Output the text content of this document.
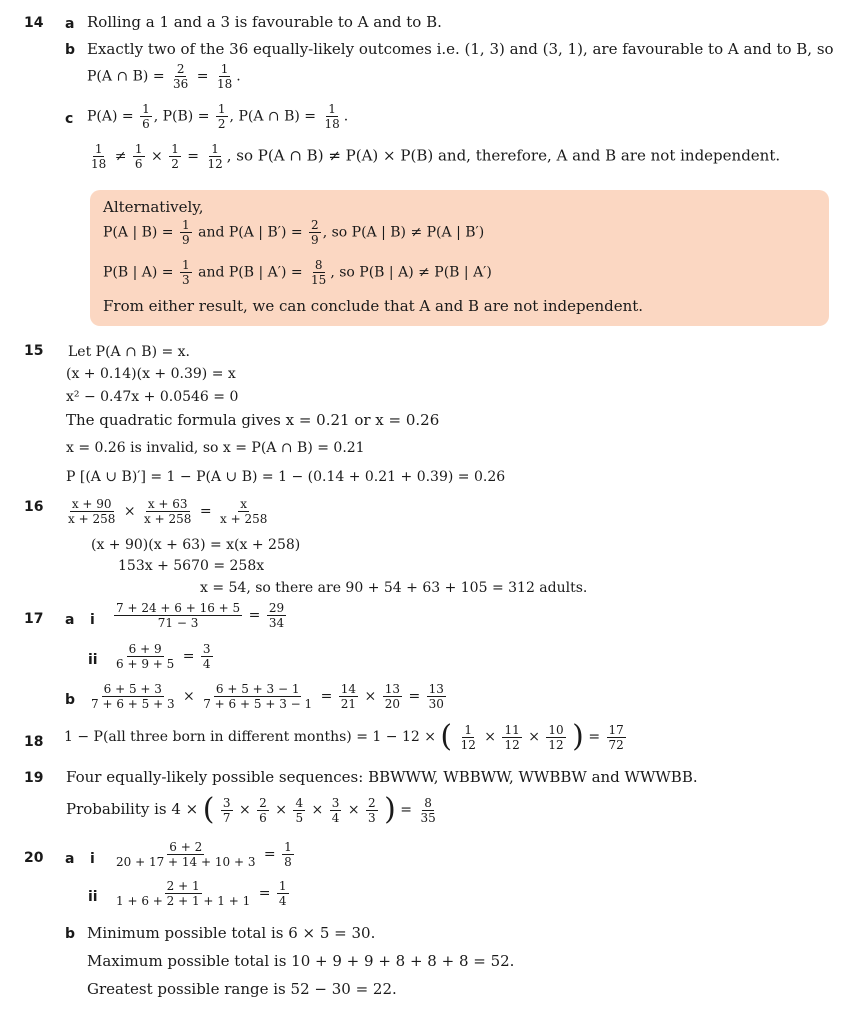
14 a Rolling a 1 and a 3 is favourable to A and to B.
b Exactly two of the 36 equally-likely outcomes i.e. (1, 3) and (3, 1), are favourable to A and to B, so
P(A ∩ $B) = \frac{2}{36} = \frac{1}{18}$ .
c $P(A) = \frac{1}{6}$ , $P(B) = \frac{1}{2}$ , P(A ∩ $B) = \frac{1}{18}$ .
$\frac{1}{18} \ne \frac{1}{6} \times \frac{1}{2} = \frac{1}{12}$ , so P(A ∩ B) ≠ P(A) × P(B) and, therefore, A and B are not independent.
Alternatively,
P(A | $B) = \frac{1}{9}$ and P(A | $B') = \frac{2}{9}$ , so P(A | B) ≠ P(A | B′)
P(B | $A) = \frac{1}{3}$ and P(B | $A') = \frac{8}{15}$ , so P(B | A) ≠ P(B | A′)
From either result, we can conclude that A and B are not independent.
15 Let P(A ∩ B) = x.
(x + 0.14)(x + 0.39) = x
x² − 0.47x + 0.0546 = 0
The quadratic formula gives x = 0.21 or x = 0.26
x = 0.26 is invalid, so x = P(A ∩ B) = 0.21
P [(A ∪ B)′] = 1 − P(A ∪ B) = 1 − (0.14 + 0.21 + 0.39) = 0.26
$16 \frac{x + 90}{x + 258} \times \frac{x + 63}{x + 258} = \frac{x}{x + 258}$
(x + 90)(x + 63) = x(x + 258)
153x + 5670 = 258x
x = 54, so there are 90 + 54 + 63 + 105 = 312 adults.
17 a i $\frac{7 + 24 + 6 + 16 + 5}{71 - 3} = \frac{29}{34}$
ii $\frac{6 + 9}{6 + 9 + 5} = \frac{3}{4}$
b $\frac{6 + 5 + 3}{7 + 6 + 5 + 3} \times \frac{6 + 5 + 3 - 1}{7 + 6 + 5 + 3 - 1} = \frac{14}{21} \times \frac{13}{20} = \frac{13}{30}$
18 1 − P(all three born in different months) = 1 − 12 × ( $\frac{1}{12} \times \frac{11}{12} \times \frac{10}{12}$ ) = $\frac{17}{72}$
19 Four equally-likely possible sequences: BBWWW, WBBWW, WWBBW and WWWBB.
Probability is 4 × ( $\frac{3}{7} \times \frac{2}{6} \times \frac{4}{5} \times \frac{3}{4} \times \frac{2}{3}$ ) = $\frac{8}{35}$
20 a i $\frac{6 + 2}{20 + 17 + 14 + 10 + 3} = \frac{1}{8}$
ii $\frac{2 + 1}{1 + 6 + 2 + 1 + 1 + 1} = \frac{1}{4}$
b Minimum possible total is 6 × 5 = 30.
Maximum possible total is 10 + 9 + 9 + 8 + 8 + 8 = 52.
Greatest possible range is 52 − 30 = 22.
